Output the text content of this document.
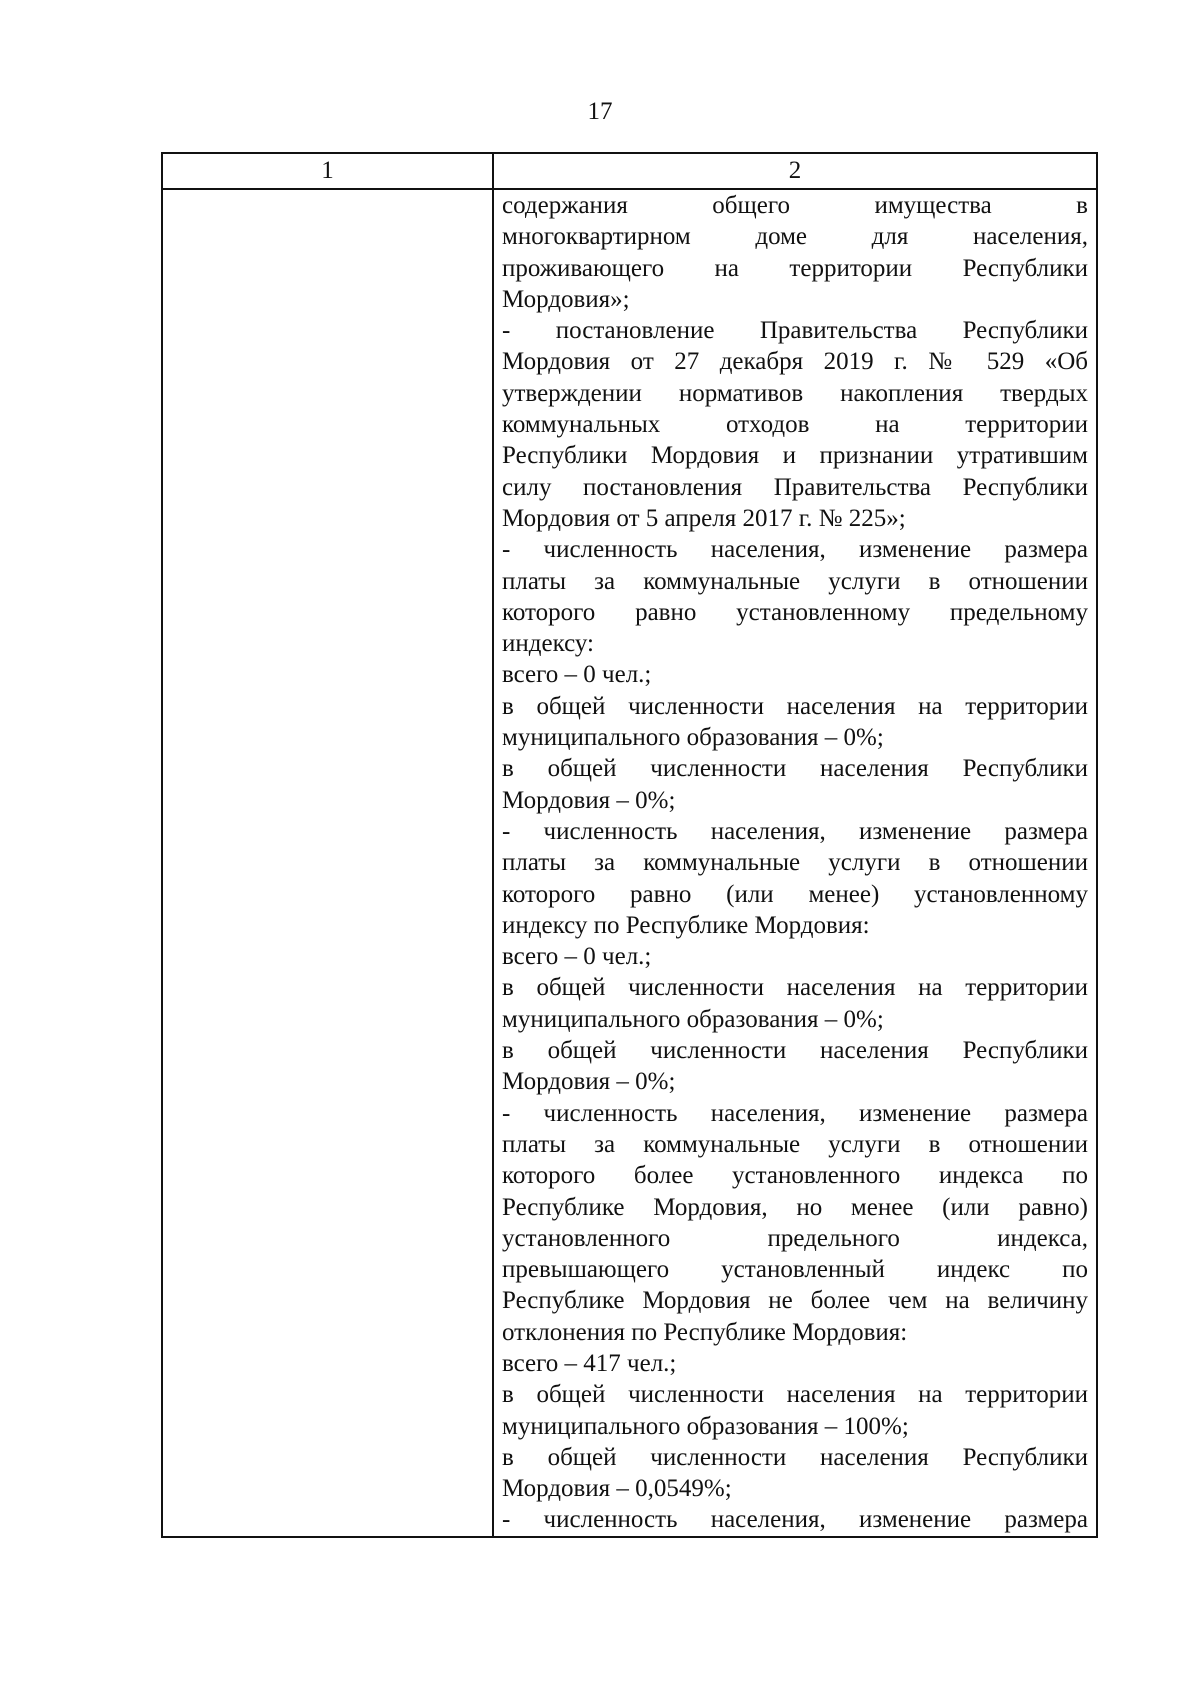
17
1	2
содержания общего имущества в
многоквартирном доме для населения,
проживающего на территории Республики
Мордовия»;
- постановление Правительства Республики
Мордовия от 27 декабря 2019 г. № 529 «Об
утверждении нормативов накопления твердых
коммунальных отходов на территории
Республики Мордовия и признании утратившим
силу постановления Правительства Республики
Мордовия от 5 апреля 2017 г. № 225»;
- численность населения, изменение размера
платы за коммунальные услуги в отношении
которого равно установленному предельному
индексу:
всего – 0 чел.;
в общей численности населения на территории
муниципального образования – 0%;
в общей численности населения Республики
Мордовия – 0%;
- численность населения, изменение размера
платы за коммунальные услуги в отношении
которого равно (или менее) установленному
индексу по Республике Мордовия:
всего – 0 чел.;
в общей численности населения на территории
муниципального образования – 0%;
в общей численности населения Республики
Мордовия – 0%;
- численность населения, изменение размера
платы за коммунальные услуги в отношении
которого более установленного индекса по
Республике Мордовия, но менее (или равно)
установленного предельного индекса,
превышающего установленный индекс по
Республике Мордовия не более чем на величину
отклонения по Республике Мордовия:
всего – 417 чел.;
в общей численности населения на территории
муниципального образования – 100%;
в общей численности населения Республики
Мордовия – 0,0549%;
- численность населения, изменение размера
